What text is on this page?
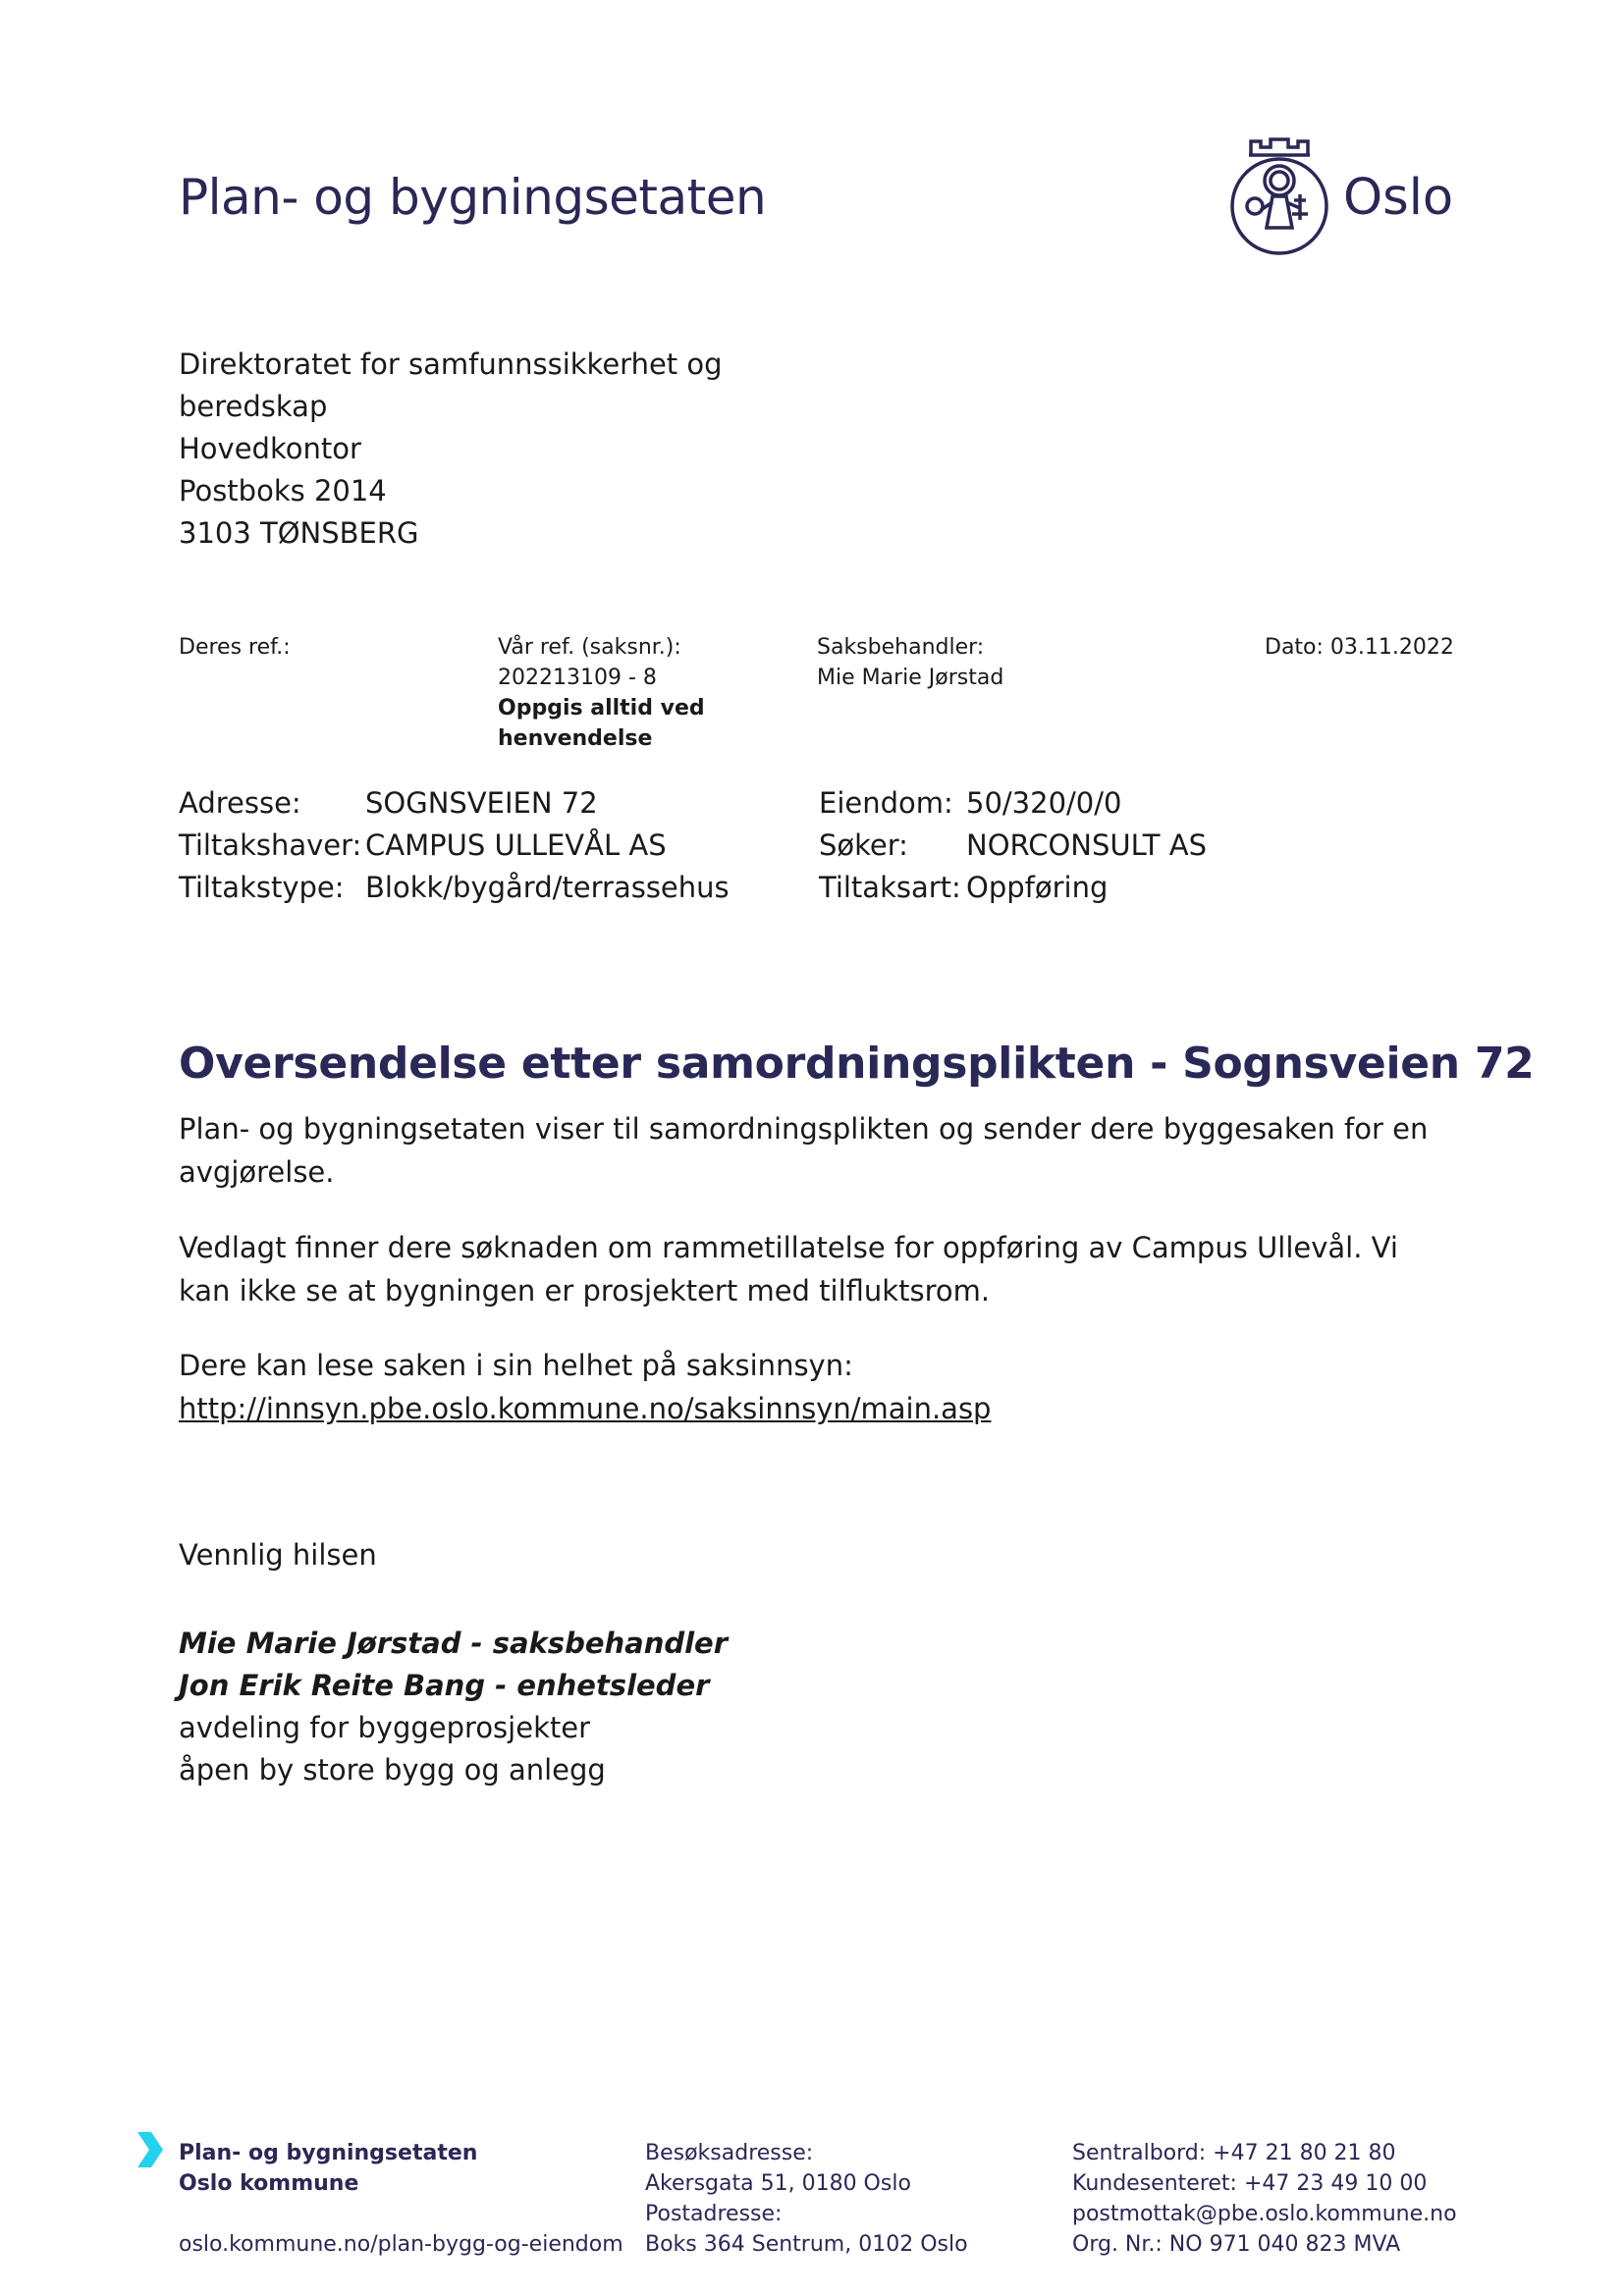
Plan- og bygningsetaten	Oslo
Direktoratet for samfunnssikkerhet og
beredskap
Hovedkontor
Postboks 2014
3103 TØNSBERG
Deres ref.:	Vår ref. (saksnr.):
202213109 - 8
Oppgis alltid ved
henvendelse
Saksbehandler:
Mie Marie Jørstad
Dato: 03.11.2022
Adresse:
Tiltakshaver:
Tiltakstype:
SOGNSVEIEN 72
CAMPUS ULLEVÅL AS
Blokk/bygård/terrassehus
Eiendom:
Søker:
Tiltaksart:
50/320/0/0
NORCONSULT AS
Oppføring
Oversendelse etter samordningsplikten - Sognsveien 72
Plan- og bygningsetaten viser til samordningsplikten og sender dere byggesaken for en avgjørelse.
Vedlagt finner dere søknaden om rammetillatelse for oppføring av Campus Ullevål. Vi kan ikke se at bygningen er prosjektert med tilfluktsrom.
Dere kan lese saken i sin helhet på saksinnsyn:
http://innsyn.pbe.oslo.kommune.no/saksinnsyn/main.asp
Vennlig hilsen
Mie Marie Jørstad - saksbehandler
Jon Erik Reite Bang - enhetsleder
avdeling for byggeprosjekter
åpen by store bygg og anlegg
Plan- og bygningsetaten
Oslo kommune
oslo.kommune.no/plan-bygg-og-eiendom
Besøksadresse:
Akersgata 51, 0180 Oslo
Postadresse:
Boks 364 Sentrum, 0102 Oslo
Sentralbord: +47 21 80 21 80
Kundesenteret: +47 23 49 10 00
postmottak@pbe.oslo.kommune.no
Org. Nr.: NO 971 040 823 MVA
